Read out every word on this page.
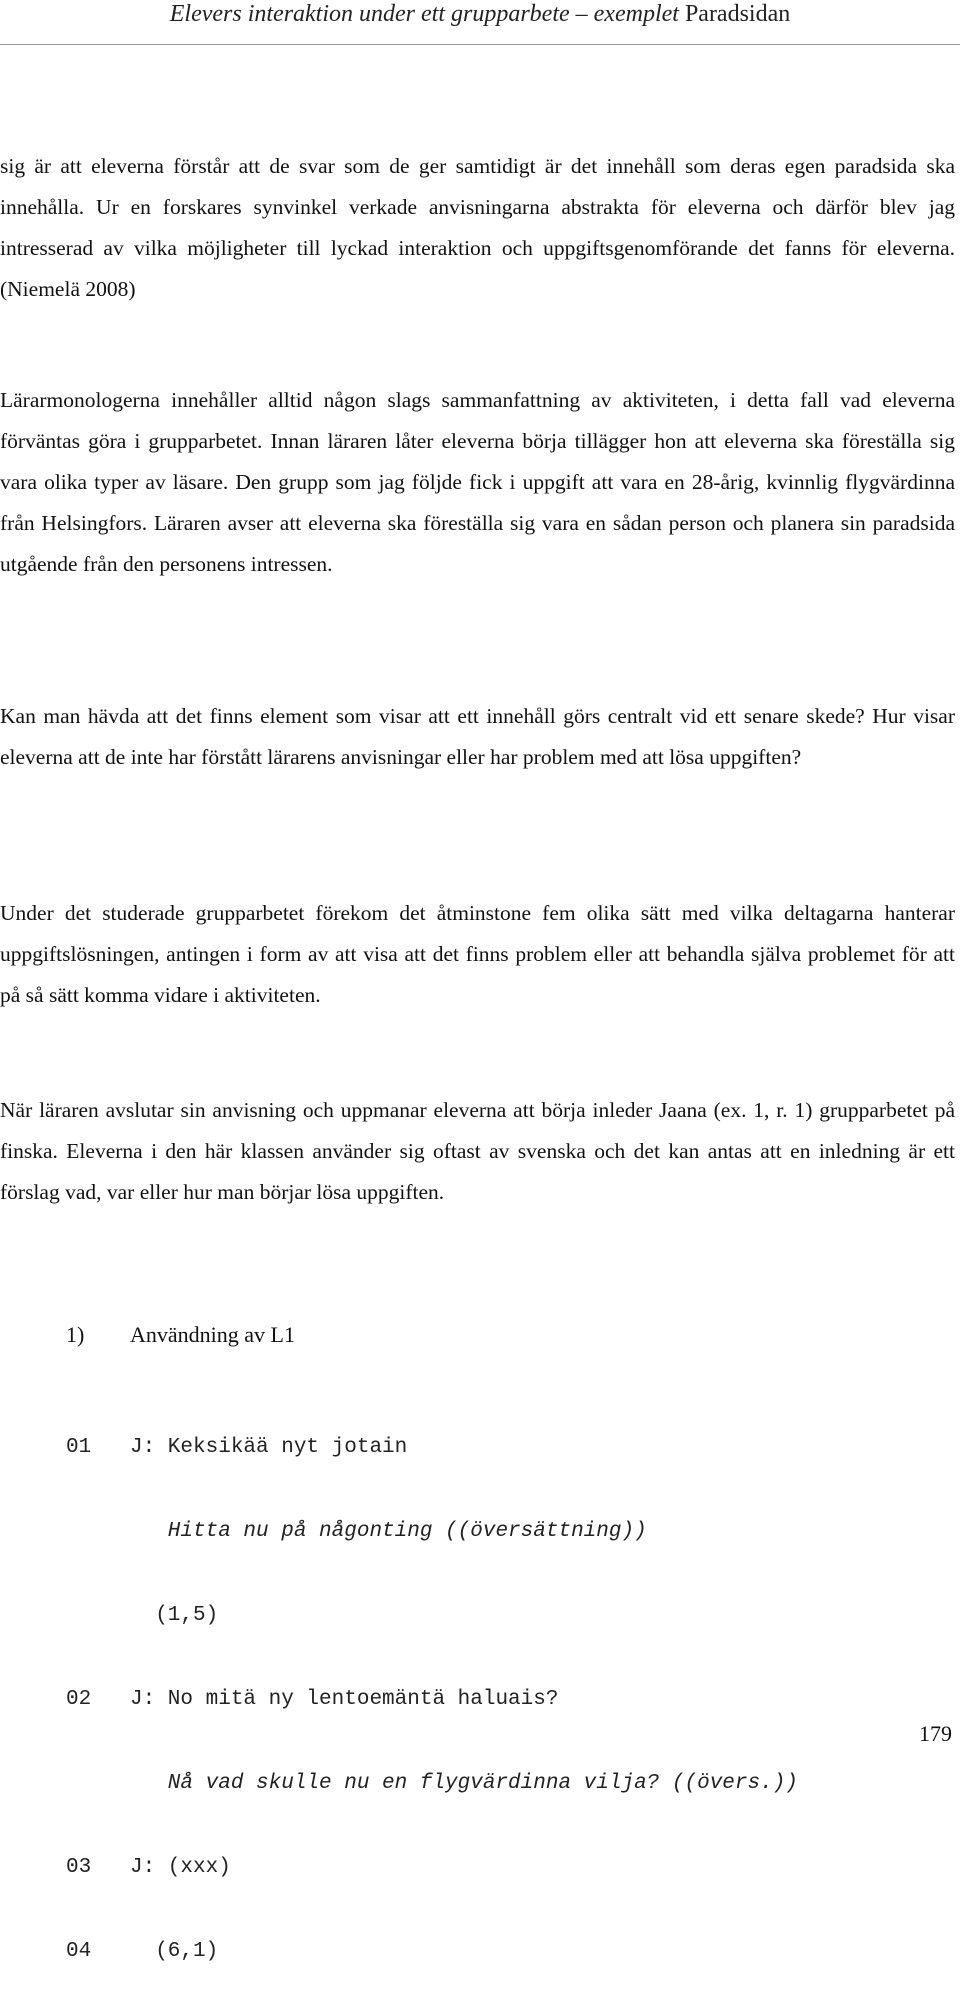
Elevers interaktion under ett grupparbete – exemplet Paradsidan

sig är att eleverna förstår att de svar som de ger samtidigt är det innehåll som deras egen paradsida ska innehålla. Ur en forskares synvinkel verkade anvisningarna abstrakta för eleverna och därför blev jag intresserad av vilka möjligheter till lyckad interaktion och uppgiftsgenomförande det fanns för eleverna. (Niemelä 2008)

Lärarmonologerna innehåller alltid någon slags sammanfattning av aktiviteten, i detta fall vad eleverna förväntas göra i grupparbetet. Innan läraren låter eleverna börja tillägger hon att eleverna ska föreställa sig vara olika typer av läsare. Den grupp som jag följde fick i uppgift att vara en 28-årig, kvinnlig flygvärdinna från Helsingfors. Läraren avser att eleverna ska föreställa sig vara en sådan person och planera sin paradsida utgående från den personens intressen.

Kan man hävda att det finns element som visar att ett innehåll görs centralt vid ett senare skede? Hur visar eleverna att de inte har förstått lärarens anvisningar eller har problem med att lösa uppgiften?

Under det studerade grupparbetet förekom det åtminstone fem olika sätt med vilka deltagarna hanterar uppgiftslösningen, antingen i form av att visa att det finns problem eller att behandla själva problemet för att på så sätt komma vidare i aktiviteten.

När läraren avslutar sin anvisning och uppmanar eleverna att börja inleder Jaana (ex. 1, r. 1) grupparbetet på finska. Eleverna i den här klassen använder sig oftast av svenska och det kan antas att en inledning är ett förslag vad, var eller hur man börjar lösa uppgiften.

1) Användning av L1

01 J: Keksikää nyt jotain

Hitta nu på någonting ((översättning))

(1,5)

02 J: No mitä ny lentoemäntä haluais?

Nå vad skulle nu en flygvärdinna vilja? ((övers.))

03 J: (xxx)

04  (6,1)

179
